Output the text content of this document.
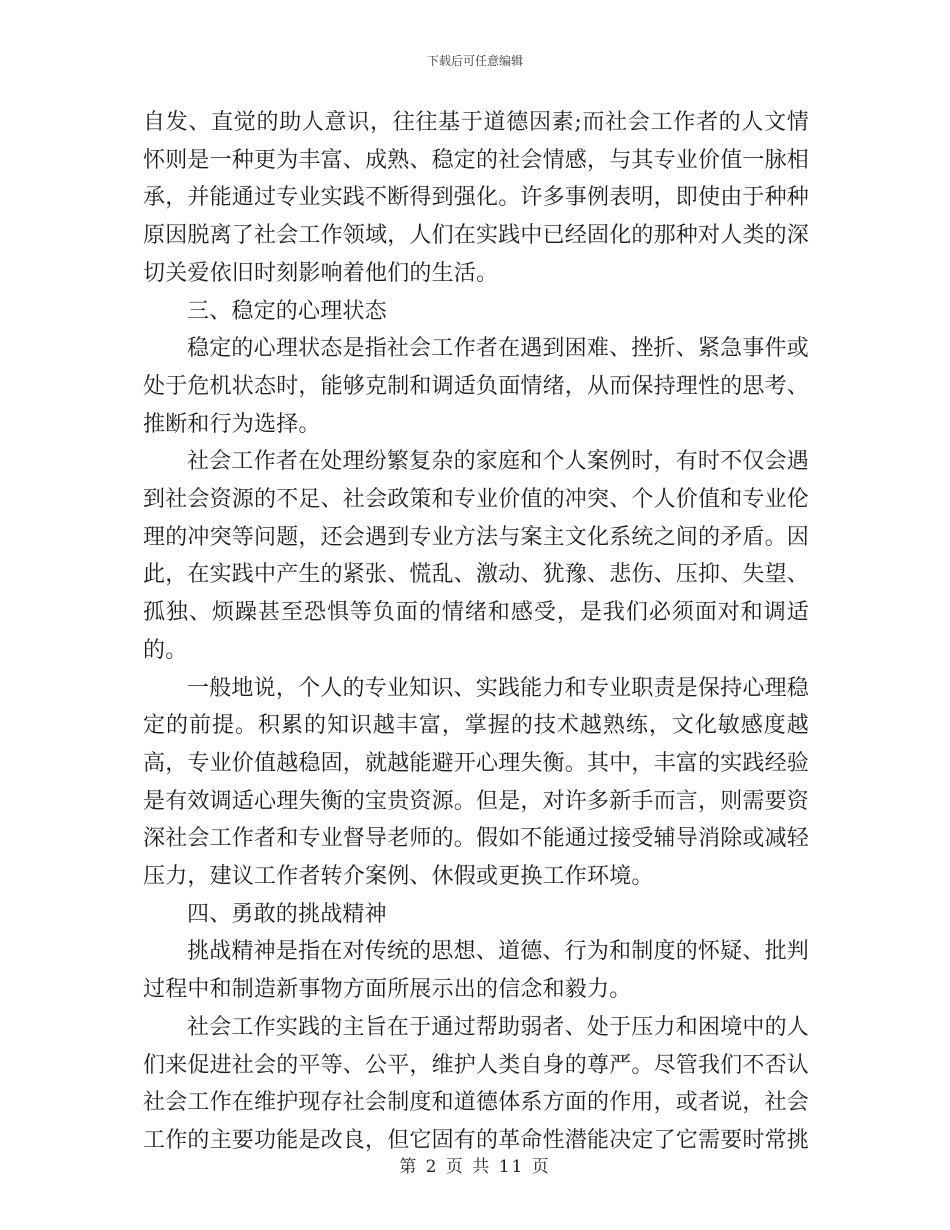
下载后可任意编辑

自发、直觉的助人意识，往往基于道德因素;而社会工作者的人文情怀则是一种更为丰富、成熟、稳定的社会情感，与其专业价值一脉相承，并能通过专业实践不断得到强化。许多事例表明，即使由于种种原因脱离了社会工作领域，人们在实践中已经固化的那种对人类的深切关爱依旧时刻影响着他们的生活。

三、稳定的心理状态

稳定的心理状态是指社会工作者在遇到困难、挫折、紧急事件或处于危机状态时，能够克制和调适负面情绪，从而保持理性的思考、推断和行为选择。

社会工作者在处理纷繁复杂的家庭和个人案例时，有时不仅会遇到社会资源的不足、社会政策和专业价值的冲突、个人价值和专业伦理的冲突等问题，还会遇到专业方法与案主文化系统之间的矛盾。因此，在实践中产生的紧张、慌乱、激动、犹豫、悲伤、压抑、失望、孤独、烦躁甚至恐惧等负面的情绪和感受，是我们必须面对和调适的。

一般地说，个人的专业知识、实践能力和专业职责是保持心理稳定的前提。积累的知识越丰富，掌握的技术越熟练，文化敏感度越高，专业价值越稳固，就越能避开心理失衡。其中，丰富的实践经验是有效调适心理失衡的宝贵资源。但是，对许多新手而言，则需要资深社会工作者和专业督导老师的。假如不能通过接受辅导消除或减轻压力，建议工作者转介案例、休假或更换工作环境。

四、勇敢的挑战精神

挑战精神是指在对传统的思想、道德、行为和制度的怀疑、批判过程中和制造新事物方面所展示出的信念和毅力。

社会工作实践的主旨在于通过帮助弱者、处于压力和困境中的人们来促进社会的平等、公平，维护人类自身的尊严。尽管我们不否认社会工作在维护现存社会制度和道德体系方面的作用，或者说，社会工作的主要功能是改良，但它固有的革命性潜能决定了它需要时常挑

第 2 页 共 11 页
